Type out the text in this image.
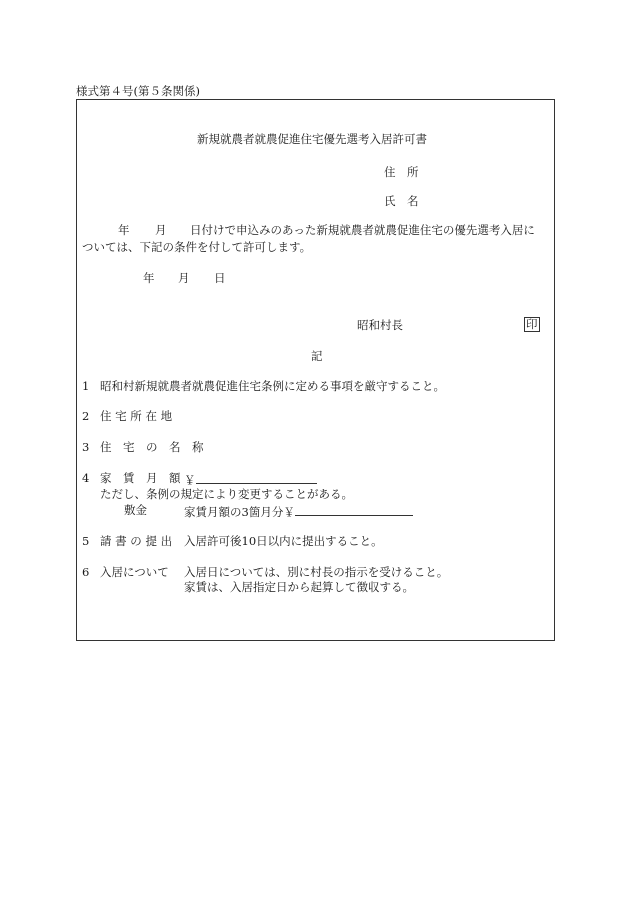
様式第４号(第５条関係)
新規就農者就農促進住宅優先選考入居許可書
住　所
氏　名
年 月 日付けで申込みのあった新規就農者就農促進住宅の優先選考入居に
ついては、下記の条件を付して許可します。
年 月 日
昭和村長	印
記
1 昭和村新規就農者就農促進住宅条例に定める事項を厳守すること。
2 住 宅 所 在 地
3 住　宅　の　名　称
4 家　賃　月　額 ￥
ただし、条例の規定により変更することがある。
敷金	家賃月額の3箇月分￥
5 請 書 の 提 出 入居許可後10日以内に提出すること。
6 入居について 入居日については、別に村長の指示を受けること。
家賃は、入居指定日から起算して徴収する。
